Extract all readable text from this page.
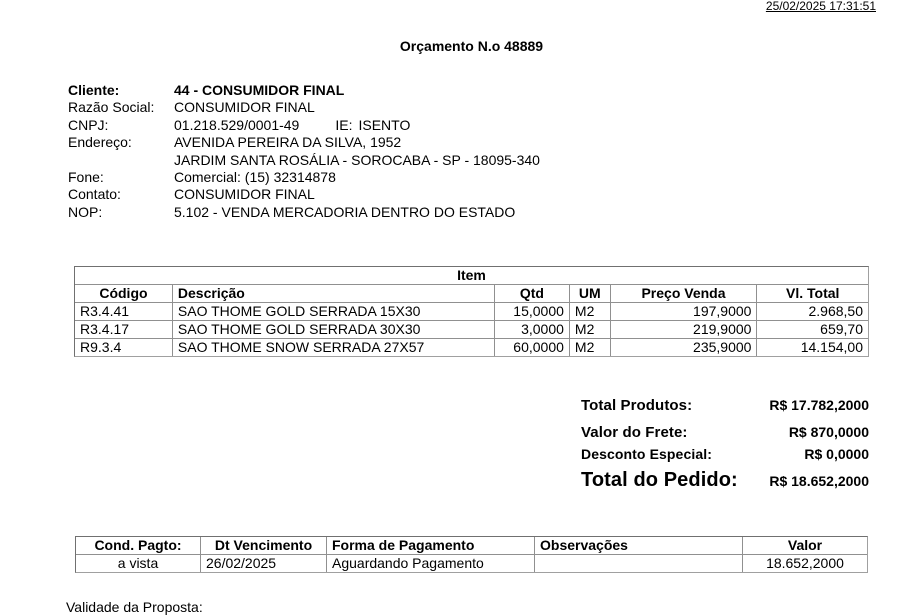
25/02/2025 17:31:51
Orçamento N.o 48889
Cliente:	44 - CONSUMIDOR FINAL
Razão Social:	CONSUMIDOR FINAL
CNPJ:	01.218.529/0001-49	IE: ISENTO
Endereço:	AVENIDA PEREIRA DA SILVA, 1952
JARDIM SANTA ROSÁLIA - SOROCABA - SP - 18095-340
Fone:	Comercial: (15) 32314878
Contato:	CONSUMIDOR FINAL
NOP:	5.102 - VENDA MERCADORIA DENTRO DO ESTADO
Item					
Código	Descrição	Qtd	UM	Preço Venda	Vl. Total
R3.4.41	SAO THOME GOLD SERRADA 15X30	15,0000	M2	197,9000	2.968,50
R3.4.17	SAO THOME GOLD SERRADA 30X30	3,0000	M2	219,9000	659,70
R9.3.4	SAO THOME SNOW SERRADA 27X57	60,0000	M2	235,9000	14.154,00
Total Produtos:	R$ 17.782,2000
Valor do Frete:	R$ 870,0000
Desconto Especial:	R$ 0,0000
Total do Pedido: R$ 18.652,2000
Cond. Pagto:	Dt Vencimento	Forma de Pagamento	Observações	Valor
a vista	26/02/2025	Aguardando Pagamento		18.652,2000
Validade da Proposta:
